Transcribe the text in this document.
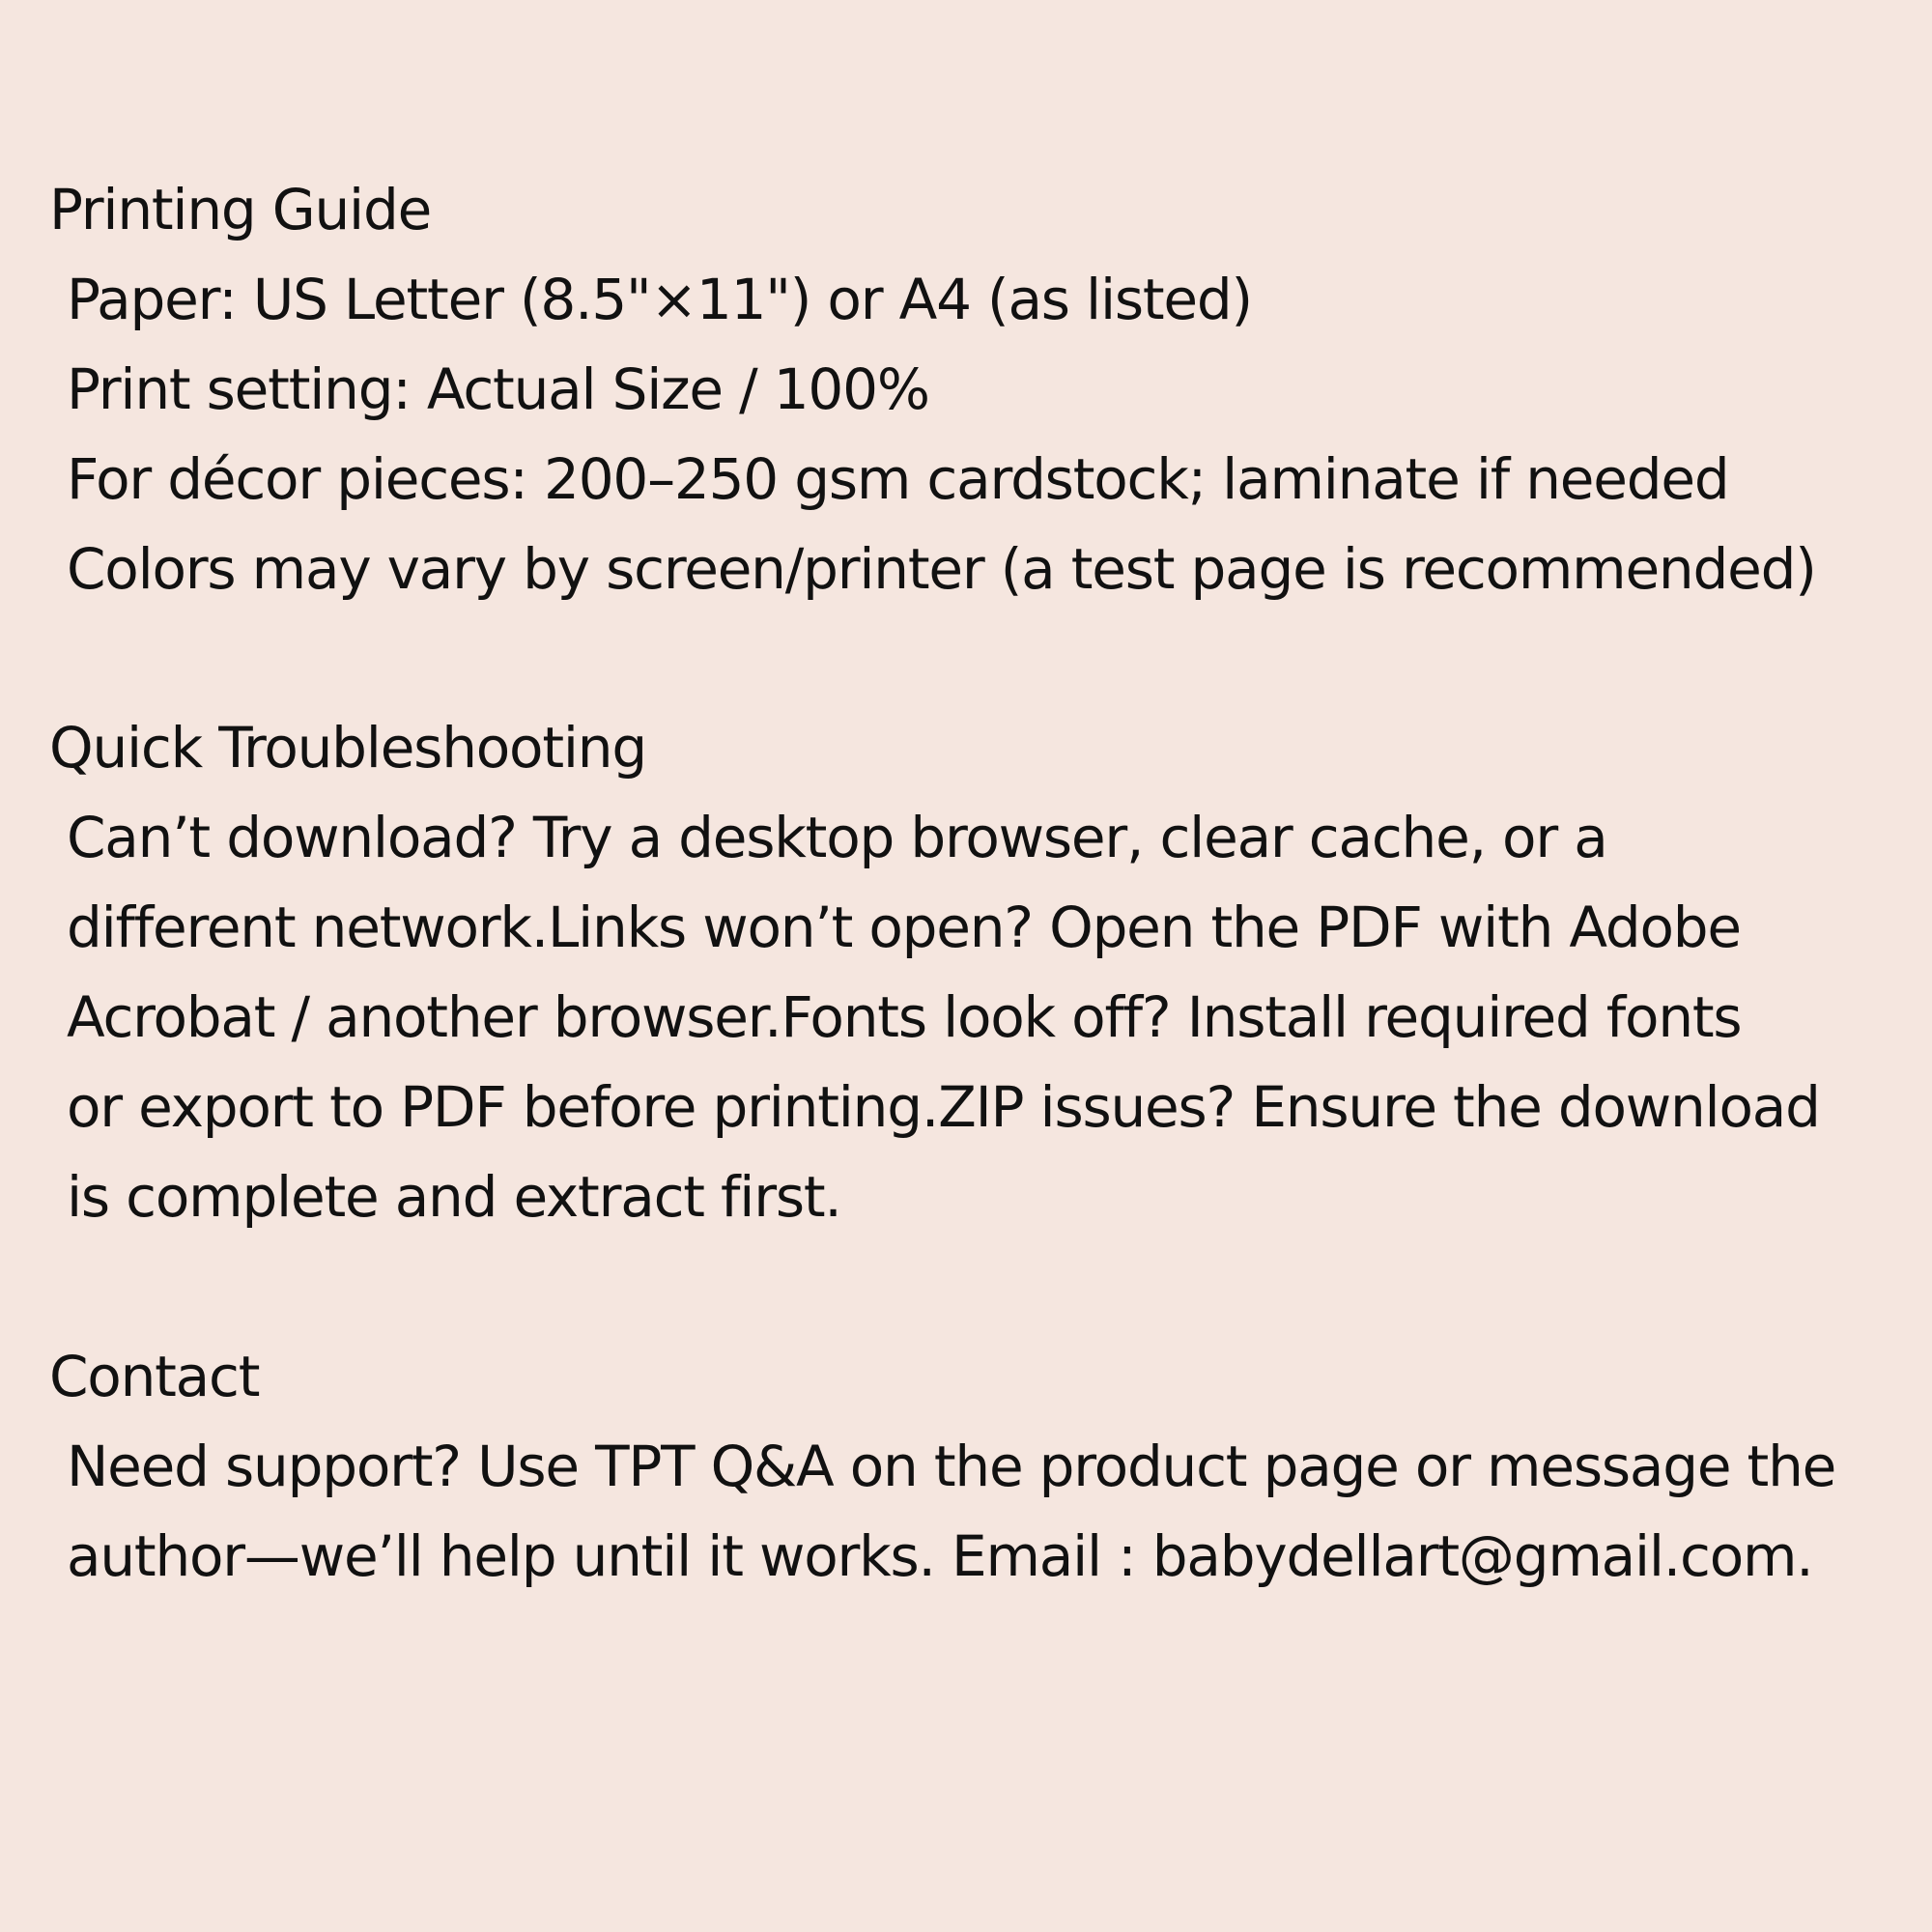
Printing Guide
Paper: US Letter (8.5"×11") or A4 (as listed)
Print setting: Actual Size / 100%
For décor pieces: 200–250 gsm cardstock; laminate if needed
Colors may vary by screen/printer (a test page is recommended)
Quick Troubleshooting
Can’t download? Try a desktop browser, clear cache, or a
different network.Links won’t open? Open the PDF with Adobe
Acrobat / another browser.Fonts look off? Install required fonts
or export to PDF before printing.ZIP issues? Ensure the download
is complete and extract first.
Contact
Need support? Use TPT Q&A on the product page or message the
author—we’ll help until it works. Email : babydellart@gmail.com.
